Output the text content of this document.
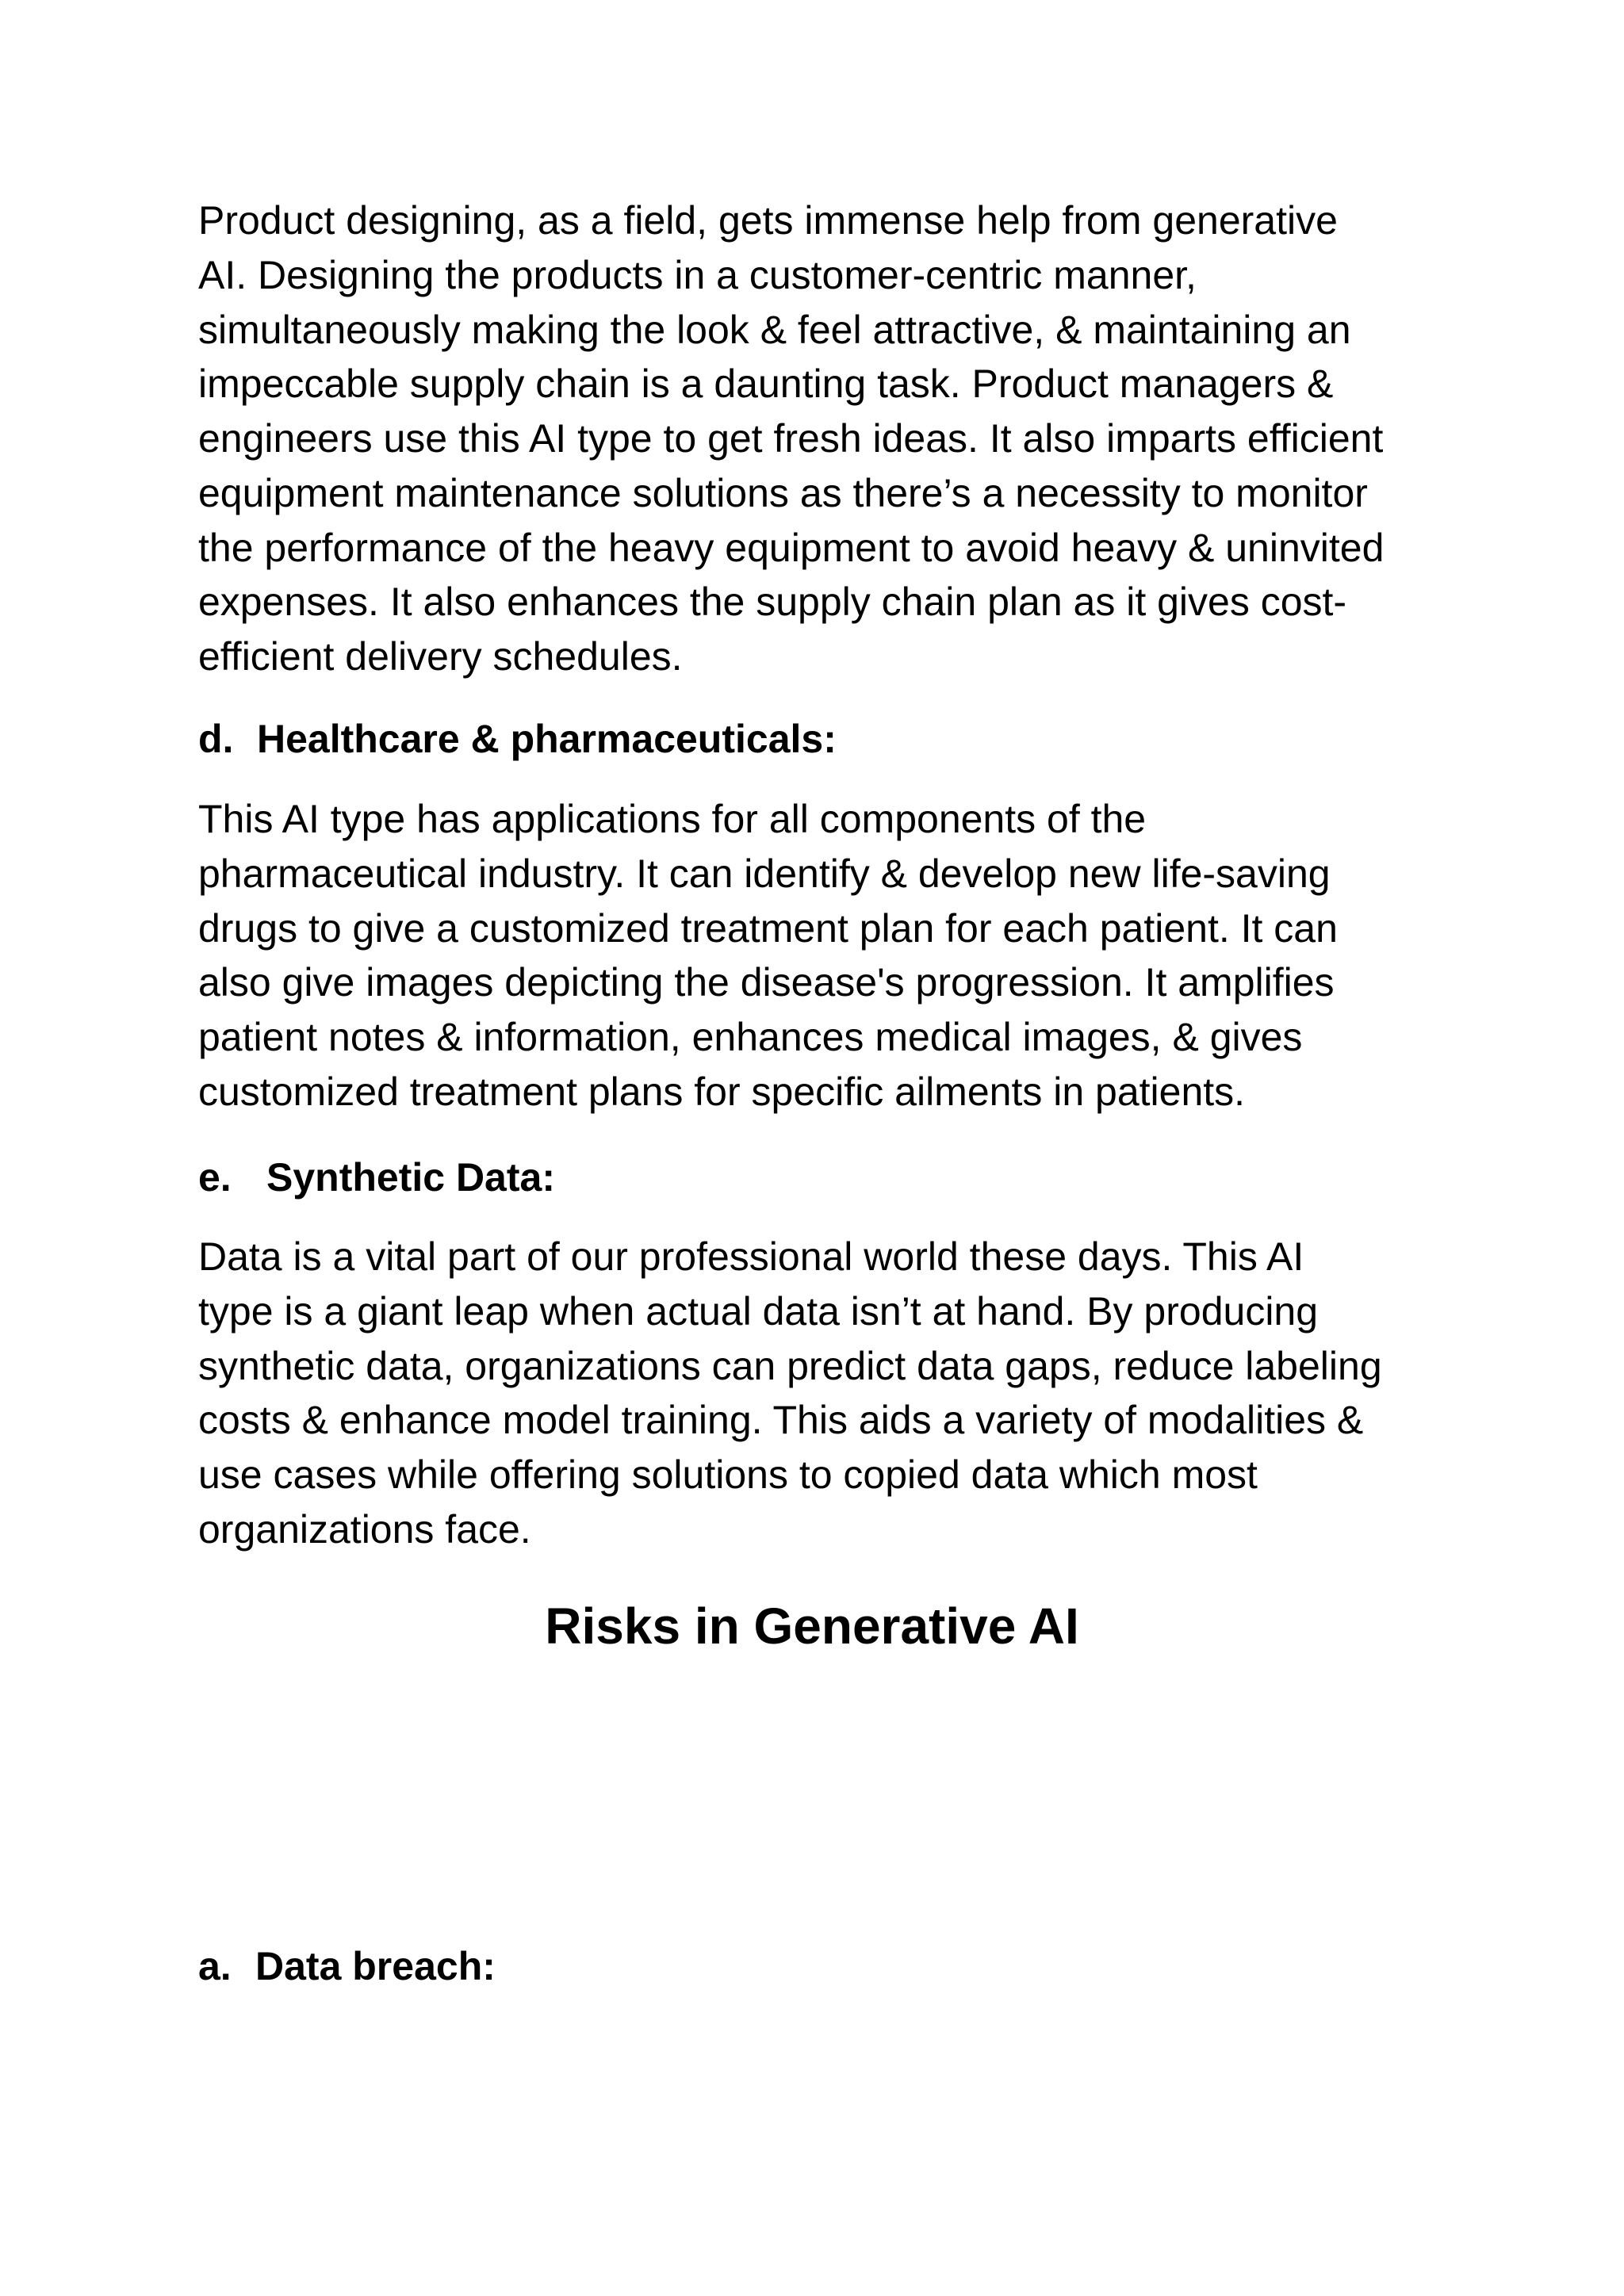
Product designing, as a field, gets immense help from generative
AI. Designing the products in a customer-centric manner,
simultaneously making the look & feel attractive, & maintaining an
impeccable supply chain is a daunting task. Product managers &
engineers use this AI type to get fresh ideas. It also imparts efficient
equipment maintenance solutions as there’s a necessity to monitor
the performance of the heavy equipment to avoid heavy & uninvited
expenses. It also enhances the supply chain plan as it gives cost-
efficient delivery schedules.

d. Healthcare & pharmaceuticals:

This AI type has applications for all components of the
pharmaceutical industry. It can identify & develop new life-saving
drugs to give a customized treatment plan for each patient. It can
also give images depicting the disease's progression. It amplifies
patient notes & information, enhances medical images, & gives
customized treatment plans for specific ailments in patients.

e. Synthetic Data:

Data is a vital part of our professional world these days. This AI
type is a giant leap when actual data isn’t at hand. By producing
synthetic data, organizations can predict data gaps, reduce labeling
costs & enhance model training. This aids a variety of modalities &
use cases while offering solutions to copied data which most
organizations face.

Risks in Generative AI
a. Data breach:
